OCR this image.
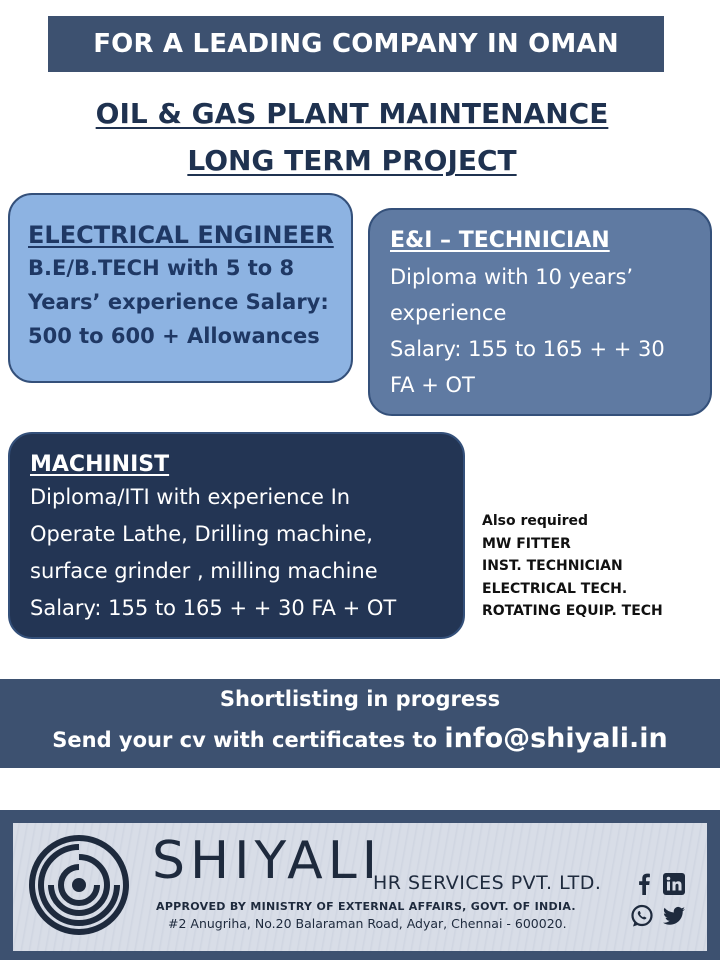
FOR A LEADING COMPANY IN OMAN
OIL & GAS PLANT MAINTENANCE
LONG TERM PROJECT
ELECTRICAL ENGINEER
B.E/B.TECH with 5 to 8
Years’ experience Salary:
500 to 600 + Allowances
E&I – TECHNICIAN
Diploma with 10 years’
experience
Salary: 155 to 165 + + 30
FA + OT
MACHINIST
Diploma/ITI with experience In
Operate Lathe, Drilling machine,
surface grinder , milling machine
Salary: 155 to 165 + + 30 FA + OT
Also required
MW FITTER
INST. TECHNICIAN
ELECTRICAL TECH.
ROTATING EQUIP. TECH
Shortlisting in progress
Send your cv with certificates to info@shiyali.in
SHIYALI
HR SERVICES PVT. LTD.
APPROVED BY MINISTRY OF EXTERNAL AFFAIRS, GOVT. OF INDIA.
#2 Anugriha, No.20 Balaraman Road, Adyar, Chennai - 600020.
